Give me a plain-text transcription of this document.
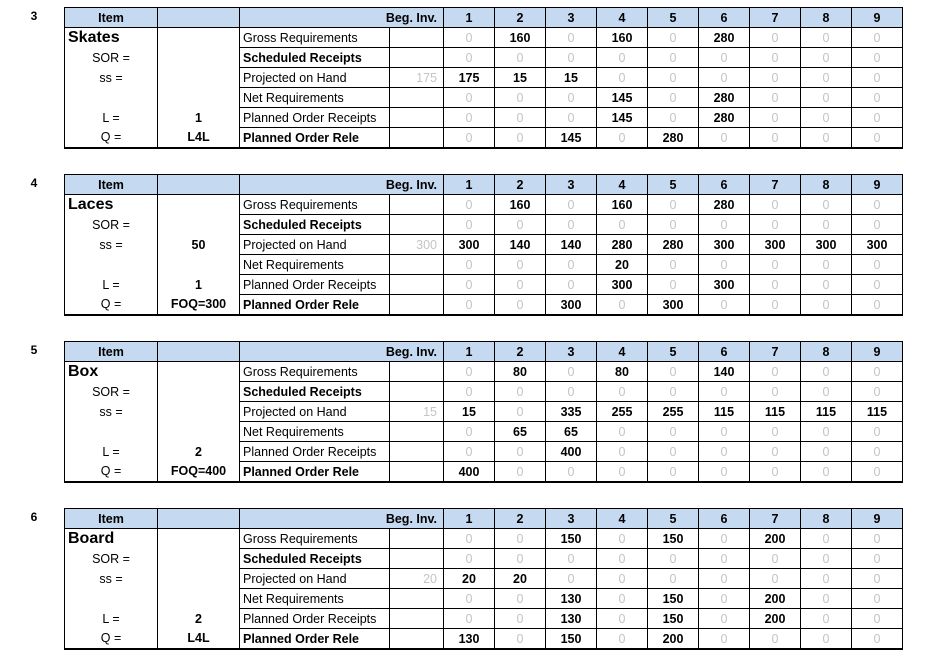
3	Item		Beg. Inv.		1	2	3	4	5	6	7	8	9
Skates		Gross Requirements		0	160	0	160	0	280	0	0	0

SOR =		Scheduled Receipts		0	0	0	0	0	0	0	0	0

ss =		Projected on Hand	175	175	15	15	0	0	0	0	0	0
		Net Requirements		0	0	0	145	0	280	0	0	0

L =	1	Planned Order Receipts		0	0	0	145	0	280	0	0	0

Q =	L4L	Planned Order Rele		0	0	145	0	280	0	0	0	0
4	Item		Beg. Inv.		1	2	3	4	5	6	7	8	9
Laces		Gross Requirements		0	160	0	160	0	280	0	0	0

SOR =		Scheduled Receipts		0	0	0	0	0	0	0	0	0

ss =	50	Projected on Hand	300	300	140	140	280	280	300	300	300	300
		Net Requirements		0	0	0	20	0	0	0	0	0

L =	1	Planned Order Receipts		0	0	0	300	0	300	0	0	0

Q =	FOQ=300	Planned Order Rele		0	0	300	0	300	0	0	0	0
5	Item		Beg. Inv.		1	2	3	4	5	6	7	8	9
Box		Gross Requirements		0	80	0	80	0	140	0	0	0

SOR =		Scheduled Receipts		0	0	0	0	0	0	0	0	0

ss =		Projected on Hand	15	15	0	335	255	255	115	115	115	115
		Net Requirements		0	65	65	0	0	0	0	0	0

L =	2	Planned Order Receipts		0	0	400	0	0	0	0	0	0

Q =	FOQ=400	Planned Order Rele		400	0	0	0	0	0	0	0	0
6	Item		Beg. Inv.		1	2	3	4	5	6	7	8	9
Board		Gross Requirements		0	0	150	0	150	0	200	0	0

SOR =		Scheduled Receipts		0	0	0	0	0	0	0	0	0

ss =		Projected on Hand	20	20	20	0	0	0	0	0	0	0
		Net Requirements		0	0	130	0	150	0	200	0	0

L =	2	Planned Order Receipts		0	0	130	0	150	0	200	0	0

Q =	L4L	Planned Order Rele		130	0	150	0	200	0	0	0	0
